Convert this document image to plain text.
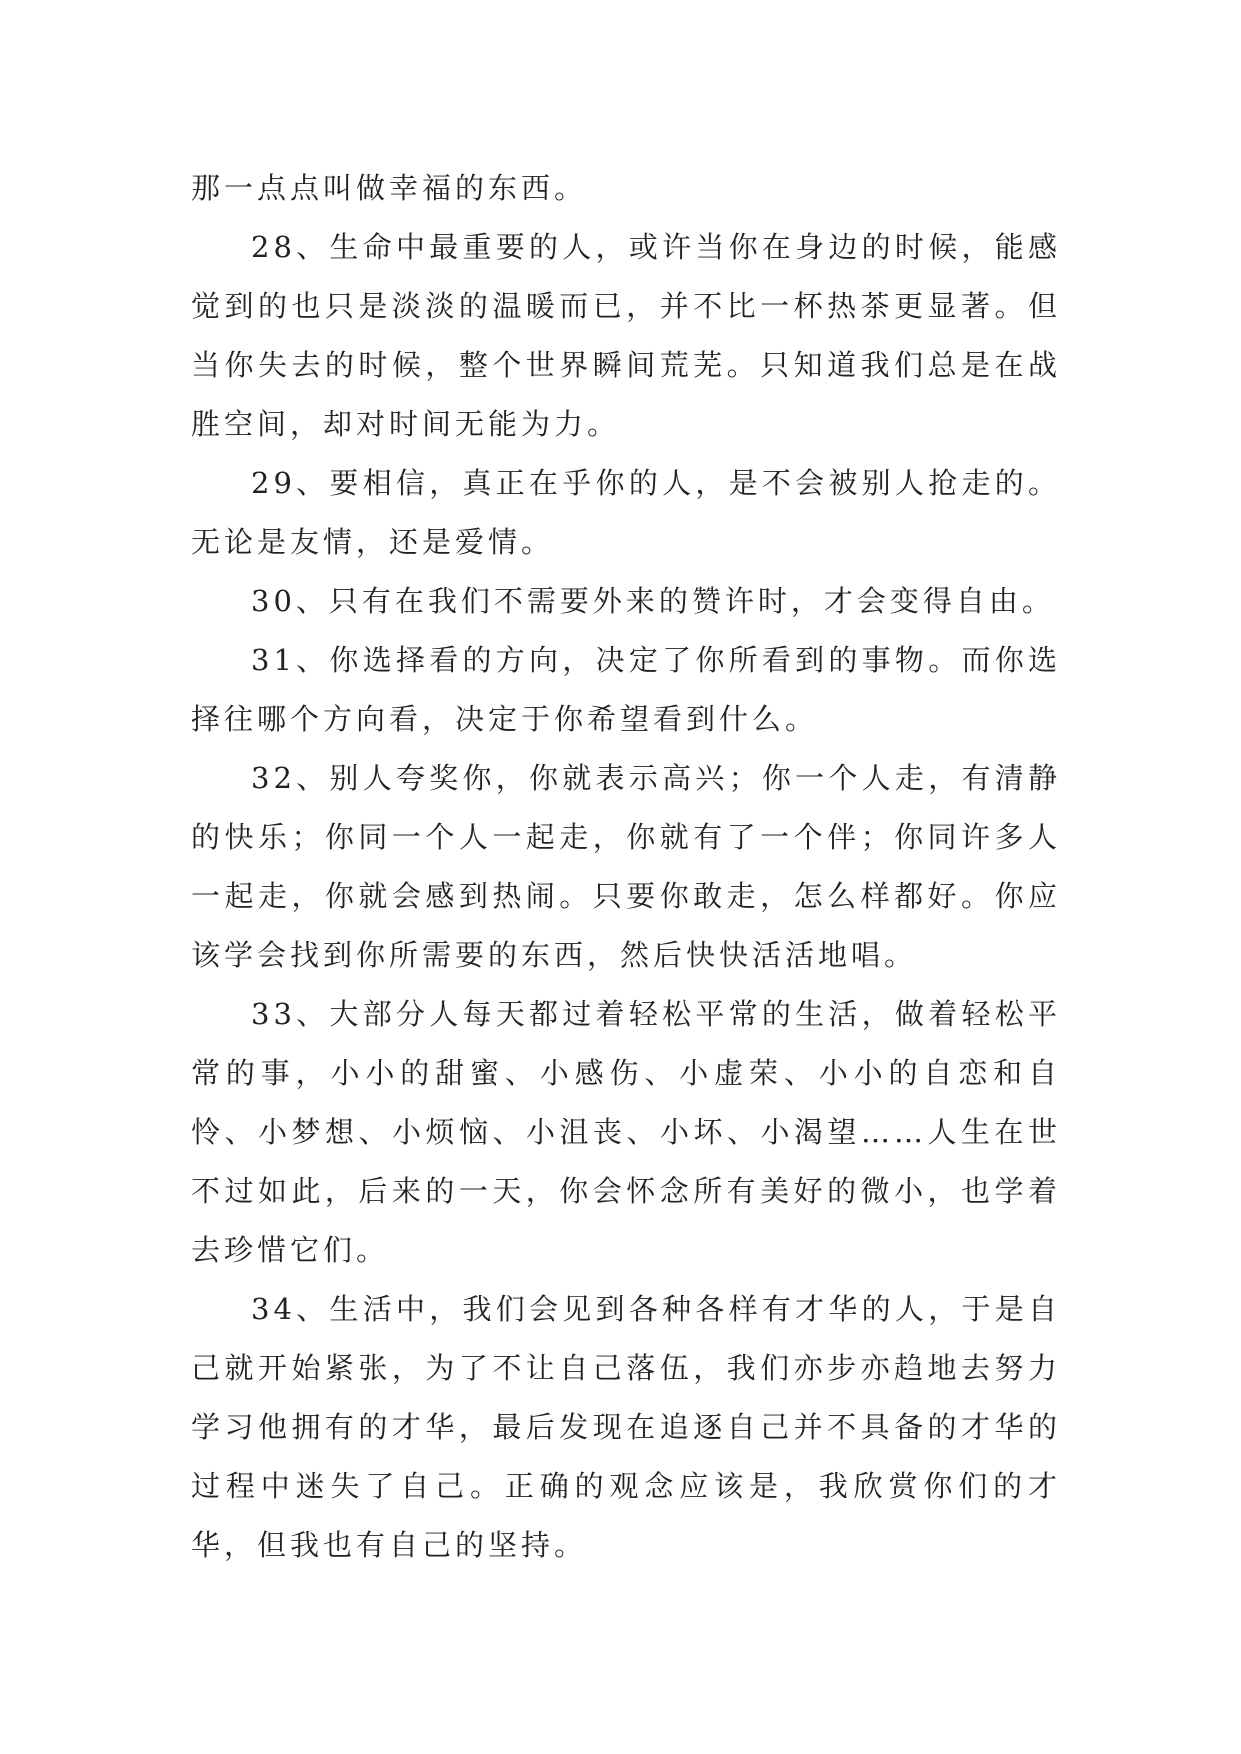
那一点点叫做幸福的东西。

28、生命中最重要的人，或许当你在身边的时候，能感觉到的也只是淡淡的温暖而已，并不比一杯热茶更显著。但当你失去的时候，整个世界瞬间荒芜。只知道我们总是在战胜空间，却对时间无能为力。

29、要相信，真正在乎你的人，是不会被别人抢走的。无论是友情，还是爱情。

30、只有在我们不需要外来的赞许时，才会变得自由。

31、你选择看的方向，决定了你所看到的事物。而你选择往哪个方向看，决定于你希望看到什么。

32、别人夸奖你，你就表示高兴；你一个人走，有清静的快乐；你同一个人一起走，你就有了一个伴；你同许多人一起走，你就会感到热闹。只要你敢走，怎么样都好。你应该学会找到你所需要的东西，然后快快活活地唱。

33、大部分人每天都过着轻松平常的生活，做着轻松平常的事，小小的甜蜜、小感伤、小虚荣、小小的自恋和自怜、小梦想、小烦恼、小沮丧、小坏、小渴望……人生在世不过如此，后来的一天，你会怀念所有美好的微小，也学着去珍惜它们。

34、生活中，我们会见到各种各样有才华的人，于是自己就开始紧张，为了不让自己落伍，我们亦步亦趋地去努力学习他拥有的才华，最后发现在追逐自己并不具备的才华的过程中迷失了自己。正确的观念应该是，我欣赏你们的才华，但我也有自己的坚持。
